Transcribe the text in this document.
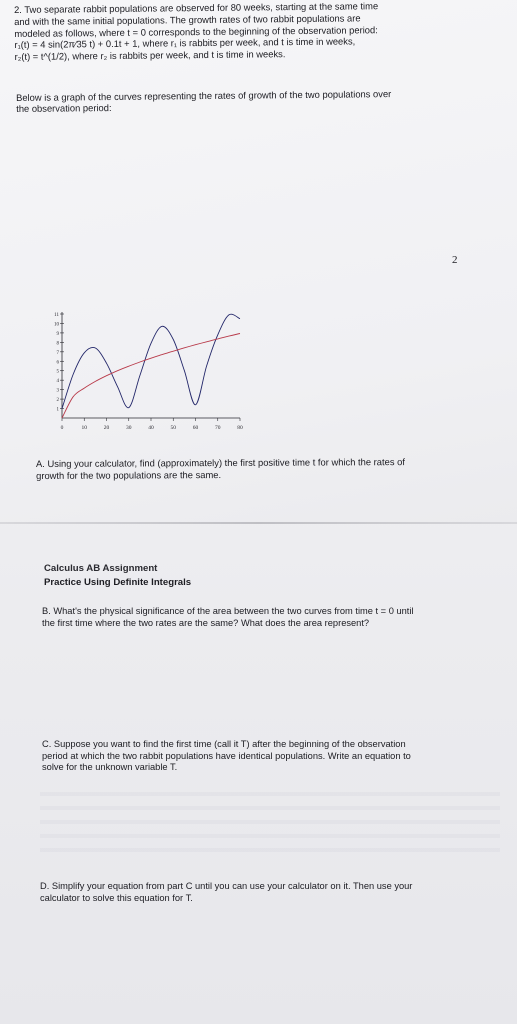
2. Two separate rabbit populations are observed for 80 weeks, starting at the same time

and with the same initial populations. The growth rates of two rabbit populations are

modeled as follows, where t = 0 corresponds to the beginning of the observation period:

r₁(t) = 4 sin(2π⁄35 t) + 0.1t + 1, where r₁ is rabbits per week, and t is time in weeks,

r₂(t) = t^(1/2), where r₂ is rabbits per week, and t is time in weeks.

Below is a graph of the curves representing the rates of growth of the two populations over
the observation period:
2
0	10	20	30	40	50	60	70	80
1
2
3
4
5
6
7
8
9
10
11
A. Using your calculator, find (approximately) the first positive time t for which the rates of
growth for the two populations are the same.
Calculus AB Assignment
Practice Using Definite Integrals
B. What's the physical significance of the area between the two curves from time t = 0 until
the first time where the two rates are the same? What does the area represent?
C. Suppose you want to find the first time (call it T) after the beginning of the observation
period at which the two rabbit populations have identical populations. Write an equation to
solve for the unknown variable T.
D. Simplify your equation from part C until you can use your calculator on it. Then use your
calculator to solve this equation for T.
